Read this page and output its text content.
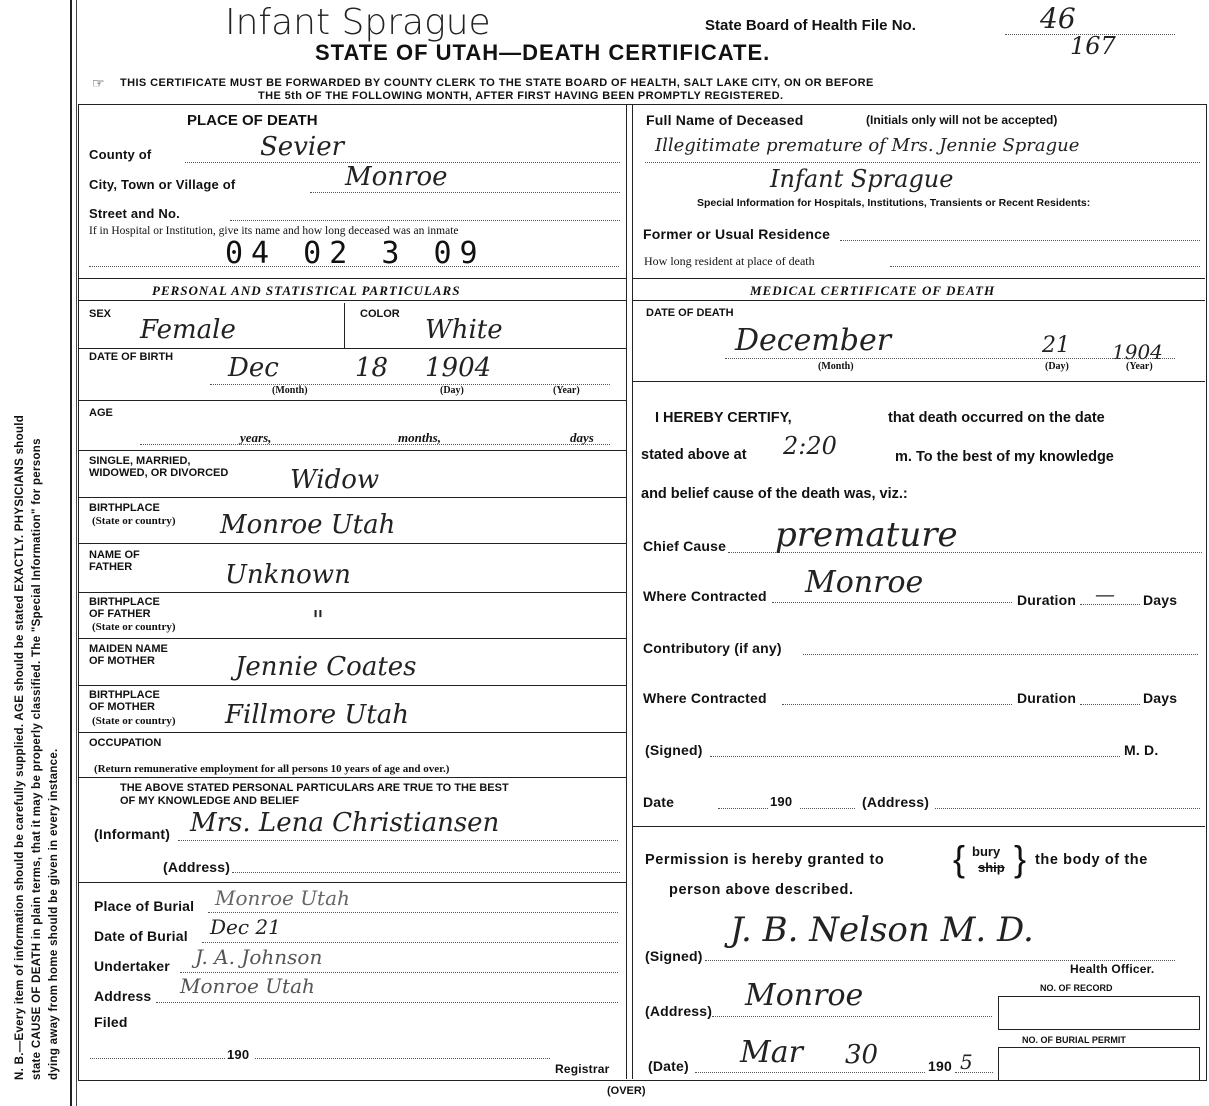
N. B.—Every item of information should be carefully supplied. AGE should be stated EXACTLY. PHYSICIANS should state CAUSE OF DEATH in plain terms, that it may be properly classified. The "Special Information" for persons dying away from home should be given in every instance.
Infant Sprague	State Board of Health File No.	46
167
STATE OF UTAH—DEATH CERTIFICATE.
☞ THIS CERTIFICATE MUST BE FORWARDED BY COUNTY CLERK TO THE STATE BOARD OF HEALTH, SALT LAKE CITY, ON OR BEFORE
THE 5th OF THE FOLLOWING MONTH, AFTER FIRST HAVING BEEN PROMPTLY REGISTERED.
PLACE OF DEATH
County of	Sevier
City, Town or Village of	Monroe
Street and No.
If in Hospital or Institution, give its name and how long deceased was an inmate
04 02 3 09
Full Name of Deceased	(Initials only will not be accepted)
Illegitimate premature of Mrs. Jennie Sprague
Infant Sprague
Special Information for Hospitals, Institutions, Transients or Recent Residents:
Former or Usual Residence
How long resident at place of death
PERSONAL AND STATISTICAL PARTICULARS	MEDICAL CERTIFICATE OF DEATH
SEX
Female
COLOR
White
DATE OF BIRTH Dec	18 1904
(Month)	(Day)	(Year)
AGE
years,	months,	days
SINGLE, MARRIED,
WIDOWED, OR DIVORCED Widow
BIRTHPLACE
(State or country) Monroe Utah
NAME OF
FATHER	Unknown
BIRTHPLACE
OF FATHER
(State or country)	"
MAIDEN NAME
OF MOTHER	Jennie Coates
BIRTHPLACE
OF MOTHER
(State or country) Fillmore Utah
OCCUPATION
(Return remunerative employment for all persons 10 years of age and over.)
THE ABOVE STATED PERSONAL PARTICULARS ARE TRUE TO THE BEST
OF MY KNOWLEDGE AND BELIEF
(Informant) Mrs. Lena Christiansen
(Address)
Place of Burial Monroe Utah
Date of Burial Dec 21
Undertaker J. A. Johnson
Address Monroe Utah
Filed
190
Registrar
DATE OF DEATH
December	21 1904
(Month)	(Day)	(Year)
I HEREBY CERTIFY,	that death occurred on the date
stated above at 2:20	m. To the best of my knowledge
and belief cause of the death was, viz.:
Chief Cause premature
Where Contracted Monroe	Duration — Days
Contributory (if any)
Where Contracted	Duration	Days
(Signed)	M. D.
Date	190	(Address)
Permission is hereby granted to { bury
ship } the body of the
person above described.
(Signed)
J. B. Nelson M. D.
Health Officer.
NO. OF RECORD
(Address) Monroe
NO. OF BURIAL PERMIT
(Date) Mar 30	190 5
(OVER)
